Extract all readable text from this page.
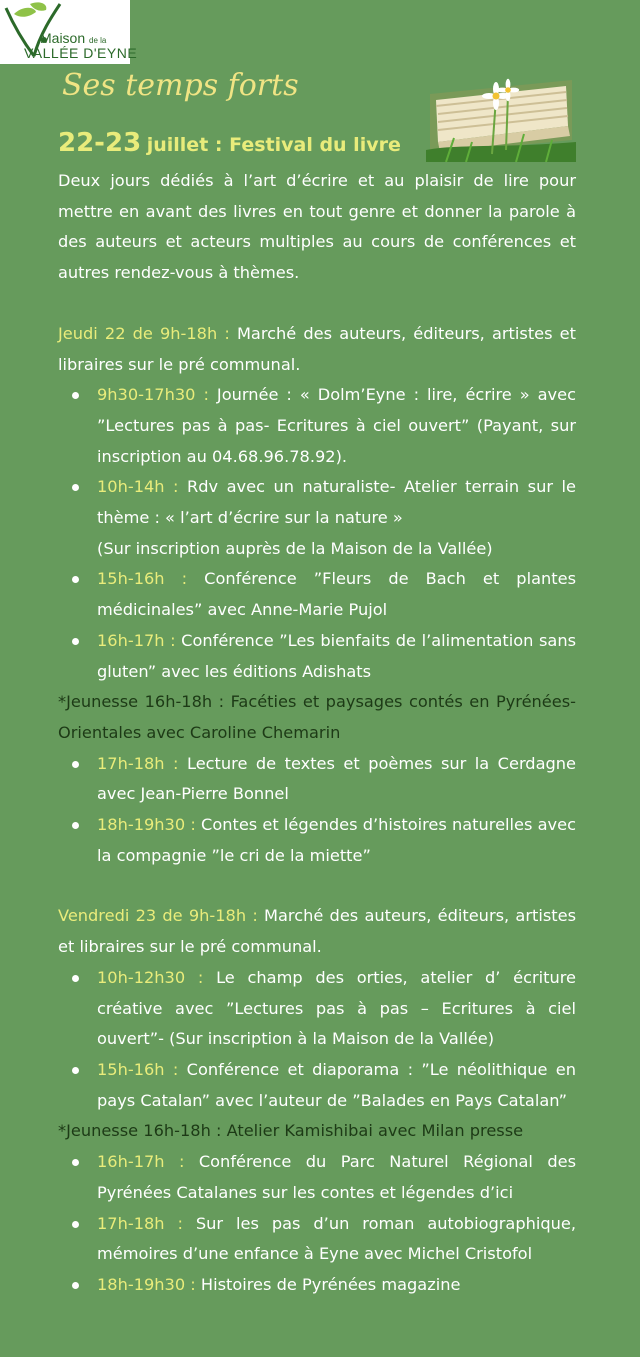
Maison de la
VALLÉE D'EYNE
Ses temps forts
22-23 juillet : Festival du livre

Deux jours dédiés à l’art d’écrire et au plaisir de lire pour mettre en avant des livres en tout genre et donner la parole à des auteurs et acteurs multiples au cours de conférences et autres rendez-vous à thèmes.

Jeudi 22 de 9h-18h : Marché des auteurs, éditeurs, artistes et libraires sur le pré communal.

9h30-17h30 : Journée : « Dolm’Eyne : lire, écrire » avec ”Lectures pas à pas- Ecritures à ciel ouvert” (Payant, sur inscription au 04.68.96.78.92).
10h-14h : Rdv avec un naturaliste- Atelier terrain sur le thème : « l’art d’écrire sur la nature »
(Sur inscription auprès de la Maison de la Vallée)
15h-16h : Conférence ”Fleurs de Bach et plantes médicinales” avec Anne-Marie Pujol
16h-17h : Conférence ”Les bienfaits de l’alimentation sans gluten” avec les éditions Adishats

*Jeunesse 16h-18h : Facéties et paysages contés en Pyrénées-Orientales avec Caroline Chemarin

17h-18h : Lecture de textes et poèmes sur la Cerdagne avec Jean-Pierre Bonnel
18h-19h30 : Contes et légendes d’histoires naturelles avec la compagnie ”le cri de la miette”

Vendredi 23 de 9h-18h : Marché des auteurs, éditeurs, artistes et libraires sur le pré communal.

10h-12h30 : Le champ des orties, atelier d’ écriture créative avec ”Lectures pas à pas – Ecritures à ciel ouvert”- (Sur inscription à la Maison de la Vallée)
15h-16h : Conférence et diaporama : ”Le néolithique en pays Catalan” avec l’auteur de ”Balades en Pays Catalan”

*Jeunesse 16h-18h : Atelier Kamishibai avec Milan presse

16h-17h : Conférence du Parc Naturel Régional des Pyrénées Catalanes sur les contes et légendes d’ici
17h-18h : Sur les pas d’un roman autobiographique, mémoires d’une enfance à Eyne avec Michel Cristofol
18h-19h30 : Histoires de Pyrénées magazine
